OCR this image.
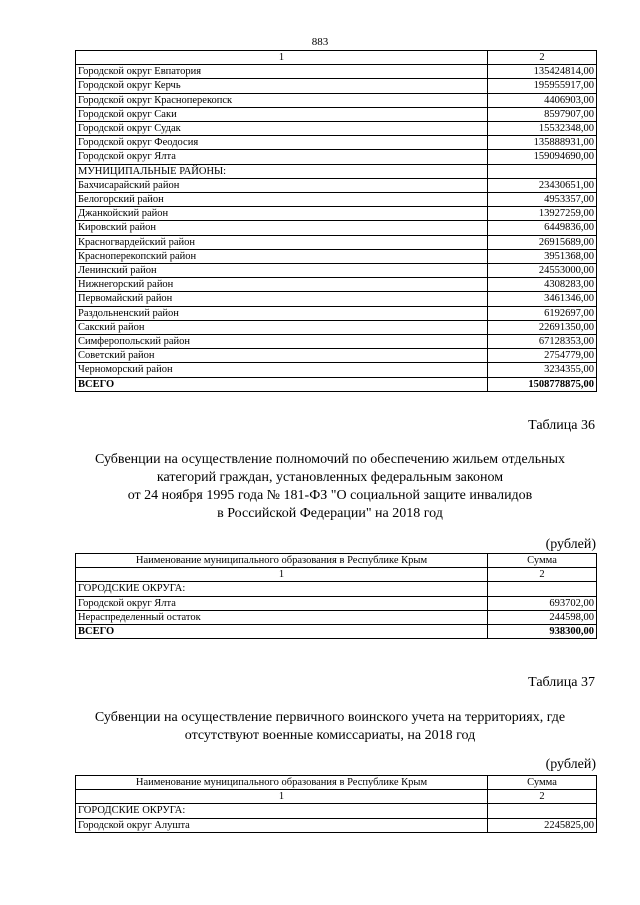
883
1	2
Городской округ Евпатория	135424814,00
Городской округ Керчь	195955917,00
Городской округ Красноперекопск	4406903,00
Городской округ Саки	8597907,00
Городской округ Судак	15532348,00
Городской округ Феодосия	135888931,00
Городской округ Ялта	159094690,00
МУНИЦИПАЛЬНЫЕ РАЙОНЫ:	
Бахчисарайский район	23430651,00
Белогорский район	4953357,00
Джанкойский район	13927259,00
Кировский район	6449836,00
Красногвардейский район	26915689,00
Красноперекопский район	3951368,00
Ленинский район	24553000,00
Нижнегорский район	4308283,00
Первомайский район	3461346,00
Раздольненский район	6192697,00
Сакский район	22691350,00
Симферопольский район	67128353,00
Советский район	2754779,00
Черноморский район	3234355,00
ВСЕГО	1508778875,00
Таблица 36
Субвенции на осуществление полномочий по обеспечению жильем отдельных
категорий граждан, установленных федеральным законом
от 24 ноября 1995 года № 181-ФЗ "О социальной защите инвалидов
в Российской Федерации" на 2018 год
(рублей)
Наименование муниципального образования в Республике Крым	Сумма
1	2
ГОРОДСКИЕ ОКРУГА:	
Городской округ Ялта	693702,00
Нераспределенный остаток	244598,00
ВСЕГО	938300,00
Таблица 37
Субвенции на осуществление первичного воинского учета на территориях, где
отсутствуют военные комиссариаты, на 2018 год
(рублей)
Наименование муниципального образования в Республике Крым	Сумма
1	2
ГОРОДСКИЕ ОКРУГА:	
Городской округ Алушта	2245825,00
